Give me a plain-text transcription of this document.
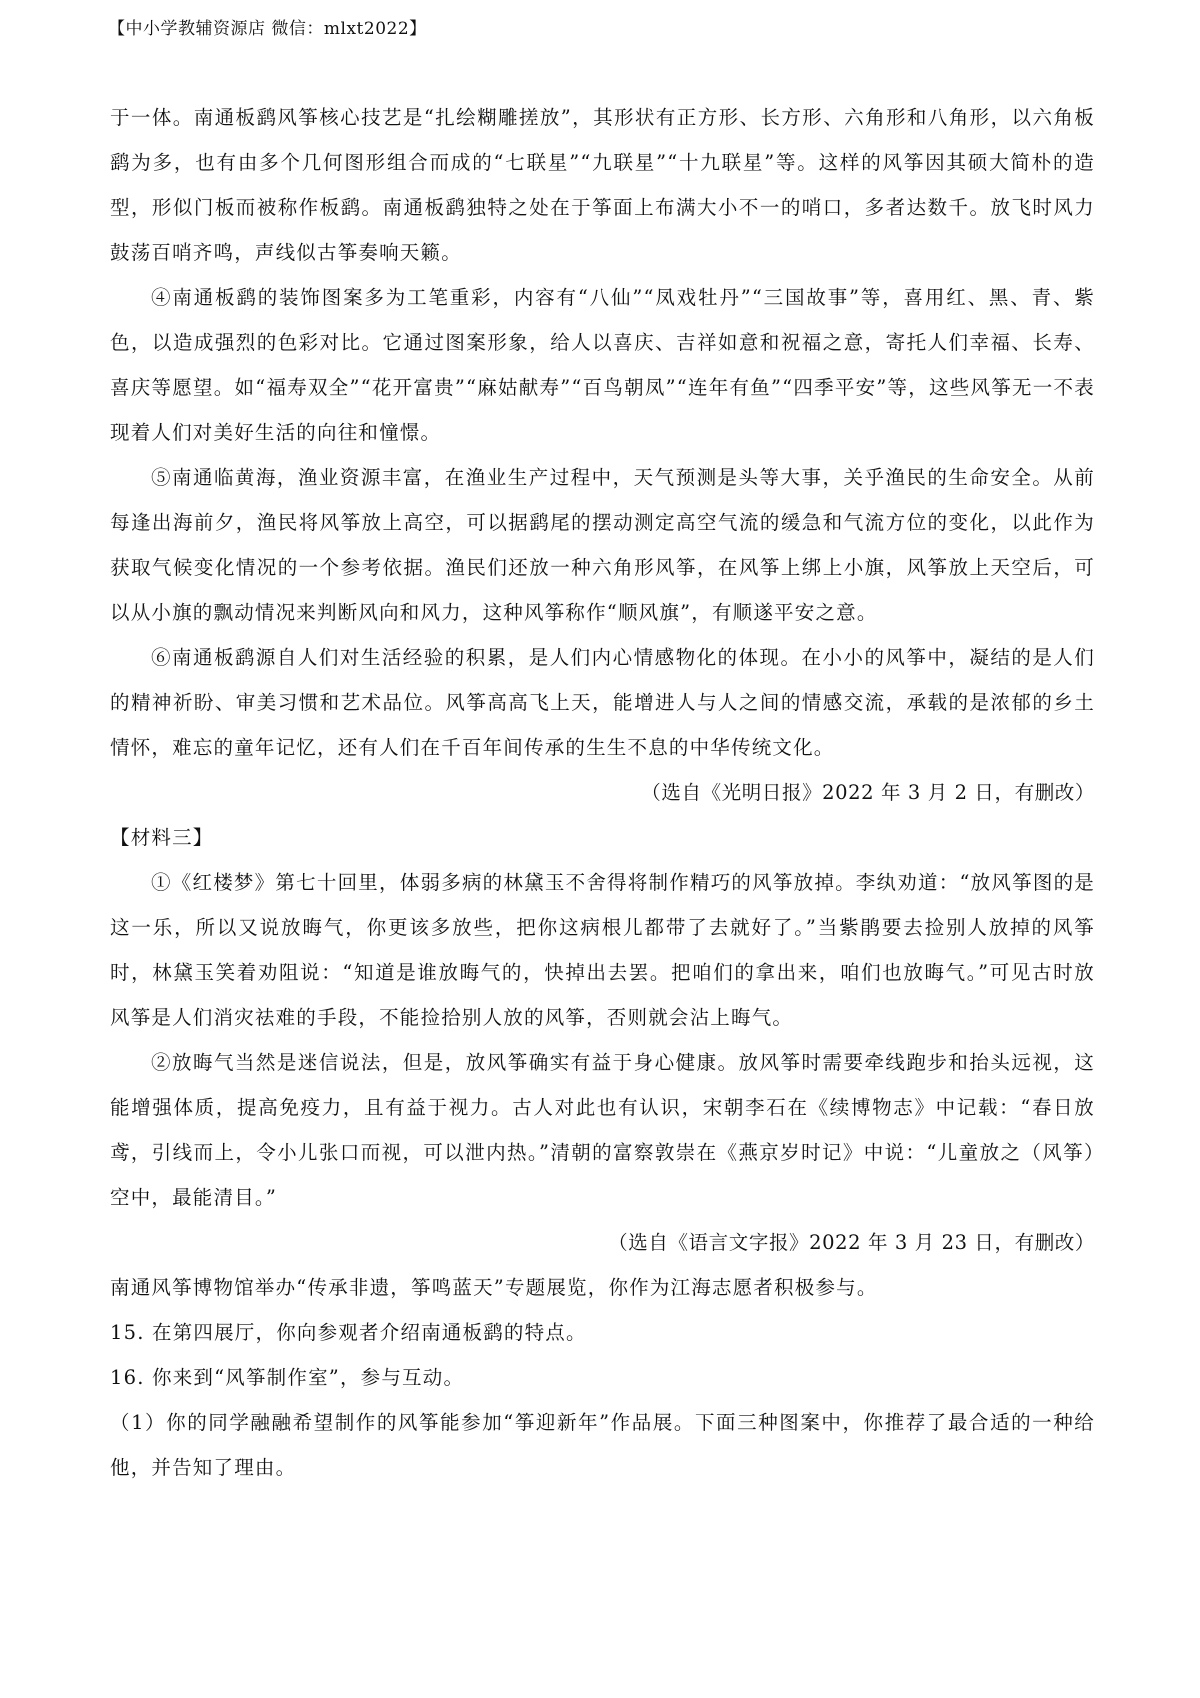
【中小学教辅资源店 微信：mlxt2022】

于一体。南通板鹞风筝核心技艺是“扎绘糊雕搓放”，其形状有正方形、长方形、六角形和八角形，以六角板鹞为多，也有由多个几何图形组合而成的“七联星”“九联星”“十九联星”等。这样的风筝因其硕大简朴的造型，形似门板而被称作板鹞。南通板鹞独特之处在于筝面上布满大小不一的哨口，多者达数千。放飞时风力鼓荡百哨齐鸣，声线似古筝奏响天籁。

④南通板鹞的装饰图案多为工笔重彩，内容有“八仙”“凤戏牡丹”“三国故事”等，喜用红、黑、青、紫色，以造成强烈的色彩对比。它通过图案形象，给人以喜庆、吉祥如意和祝福之意，寄托人们幸福、长寿、喜庆等愿望。如“福寿双全”“花开富贵”“麻姑献寿”“百鸟朝凤”“连年有鱼”“四季平安”等，这些风筝无一不表现着人们对美好生活的向往和憧憬。

⑤南通临黄海，渔业资源丰富，在渔业生产过程中，天气预测是头等大事，关乎渔民的生命安全。从前每逢出海前夕，渔民将风筝放上高空，可以据鹞尾的摆动测定高空气流的缓急和气流方位的变化，以此作为获取气候变化情况的一个参考依据。渔民们还放一种六角形风筝，在风筝上绑上小旗，风筝放上天空后，可以从小旗的飘动情况来判断风向和风力，这种风筝称作“顺风旗”，有顺遂平安之意。

⑥南通板鹞源自人们对生活经验的积累，是人们内心情感物化的体现。在小小的风筝中，凝结的是人们的精神祈盼、审美习惯和艺术品位。风筝高高飞上天，能增进人与人之间的情感交流，承载的是浓郁的乡土情怀，难忘的童年记忆，还有人们在千百年间传承的生生不息的中华传统文化。

（选自《光明日报》2022 年 3 月 2 日，有删改）

【材料三】

①《红楼梦》第七十回里，体弱多病的林黛玉不舍得将制作精巧的风筝放掉。李纨劝道：“放风筝图的是这一乐，所以又说放晦气，你更该多放些，把你这病根儿都带了去就好了。”当紫鹃要去捡别人放掉的风筝时，林黛玉笑着劝阻说：“知道是谁放晦气的，快掉出去罢。把咱们的拿出来，咱们也放晦气。”可见古时放风筝是人们消灾祛难的手段，不能捡拾别人放的风筝，否则就会沾上晦气。

②放晦气当然是迷信说法，但是，放风筝确实有益于身心健康。放风筝时需要牵线跑步和抬头远视，这能增强体质，提高免疫力，且有益于视力。古人对此也有认识，宋朝李石在《续博物志》中记载：“春日放鸢，引线而上，令小儿张口而视，可以泄内热。”清朝的富察敦崇在《燕京岁时记》中说：“儿童放之（风筝）空中，最能清目。”

（选自《语言文字报》2022 年 3 月 23 日，有删改）

南通风筝博物馆举办“传承非遗，筝鸣蓝天”专题展览，你作为江海志愿者积极参与。

15. 在第四展厅，你向参观者介绍南通板鹞的特点。

16. 你来到“风筝制作室”，参与互动。

（1）你的同学融融希望制作的风筝能参加“筝迎新年”作品展。下面三种图案中，你推荐了最合适的一种给他，并告知了理由。
